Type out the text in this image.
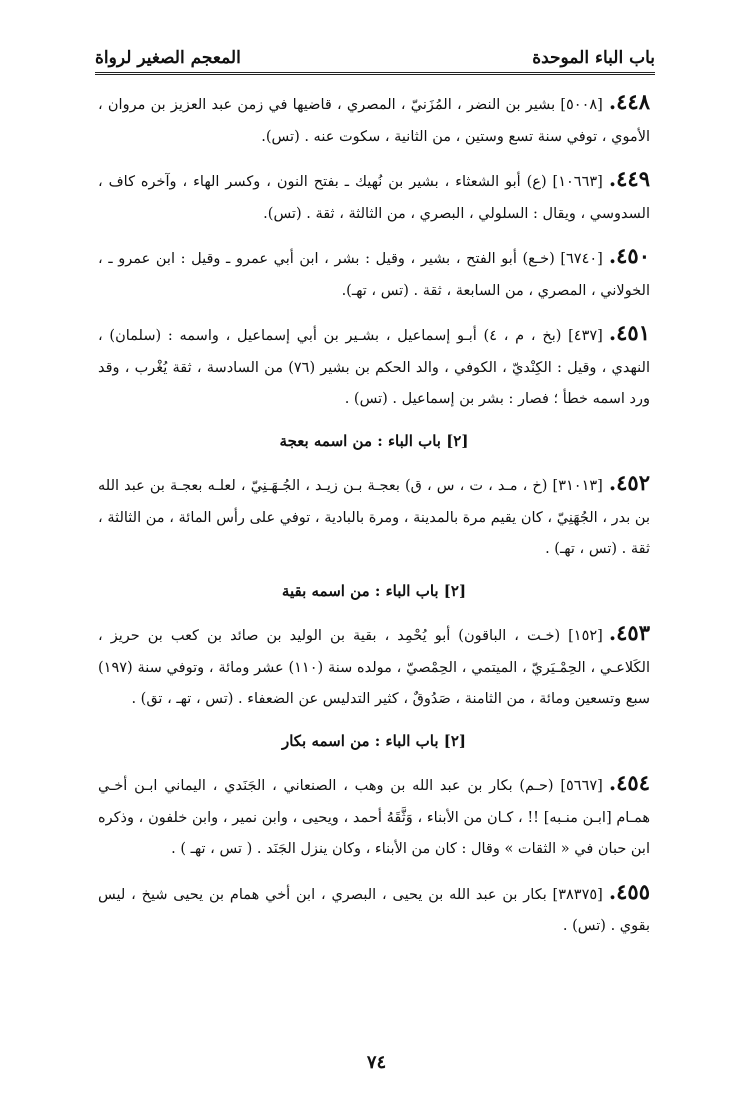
باب الباء الموحدة
المعجم الصغير لرواة

٤٤٨.[٥٠٠٨] بشير بن النضر ، المُزَنيّ ، المصري ، قاضيها في زمن عبد العزيز بن مروان ، الأموي ، توفي سنة تسع وستين ، من الثانية ، سكوت عنه . (تس).

٤٤٩.[١٠٦٦٣] (ع) أبو الشعثاء ، بشير بن نُهيك ـ بفتح النون ، وكسر الهاء ، وآخره كاف ، السدوسي ، ويقال : السلولي ، البصري ، من الثالثة ، ثقة . (تس).

٤٥٠.[٦٧٤٠] (خـع) أبو الفتح ، بشير ، وقيل : بشر ، ابن أبي عمرو ـ وقيل : ابن عمرو ـ ، الخولاني ، المصري ، من السابعة ، ثقة . (تس ، تهـ).

٤٥١.[٤٣٧] (بخ ، م ، ٤) أبـو إسماعيل ، بشـير بن أبي إسماعيل ، واسمه : (سلمان) ، النهدي ، وقيل : الكِنْديّ ، الكوفي ، والد الحكم بن بشير (٧٦) من السادسة ، ثقة يُغْرب ، وقد ورد اسمه خطأ ؛ فصار : بشر بن إسماعيل . (تس) .

[٢] باب الباء : من اسمه بعجة

٤٥٢.[٣١٠١٣] (خ ، مـد ، ت ، س ، ق) بعجـة بـن زيـد ، الجُـهَـنِيّ ، لعلـه بعجـة بن عبد الله بن بدر ، الجُهَنِيّ ، كان يقيم مرة بالمدينة ، ومرة بالبادية ، توفي على رأس المائة ، من الثالثة ، ثقة . (تس ، تهـ) .

[٢] باب الباء : من اسمه بقية

٤٥٣.[١٥٢] (خـت ، الباقون) أبو يُحْمِد ، بقية بن الوليد بن صائد بن كعب بن حريز ، الكَلاعـي ، الحِمْـيَريّ ، الميتمي ، الحِمْصيّ ، مولده سنة (١١٠) عشر ومائة ، وتوفي سنة (١٩٧) سبع وتسعين ومائة ، من الثامنة ، صَدُوقٌ ، كثير التدليس عن الضعفاء . (تس ، تهـ ، تق) .

[٢] باب الباء : من اسمه بكار

٤٥٤.[٥٦٦٧] (حـم) بكار بن عبد الله بن وهب ، الصنعاني ، الجَنَدي ، اليماني ابـن أخـي همـام [ابـن منـبه] !! ، كـان من الأبناء ، وَثَّقَهُ أحمد ، ويحيى ، وابن نمير ، وابن خلفون ، وذكره ابن حبان في « الثقات » وقال : كان من الأبناء ، وكان ينزل الجَنَد . ( تس ، تهـ ) .

٤٥٥.[٣٨٣٧٥] بكار بن عبد الله بن يحيى ، البصري ، ابن أخي همام بن يحيى شيخ ، ليس بقوي . (تس) .

٧٤
